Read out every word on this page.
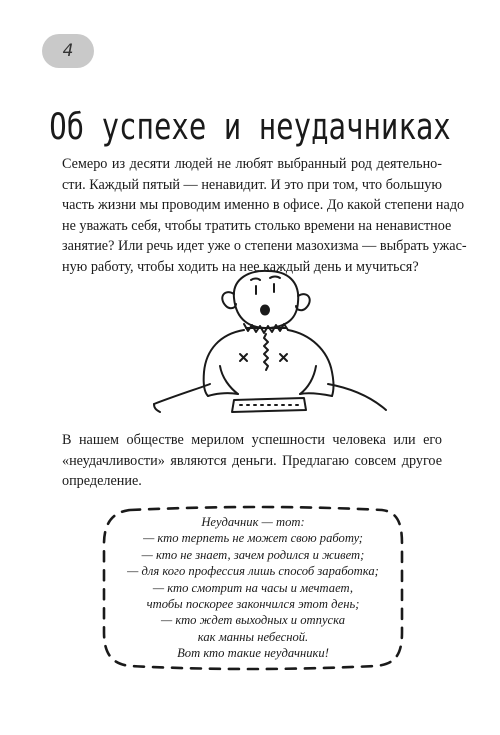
4
Об успехе и неудачниках
Семеро из десяти людей не любят выбранный род деятельно-
сти. Каждый пятый — ненавидит. И это при том, что большую
часть жизни мы проводим именно в офисе. До какой степени надо
не уважать себя, чтобы тратить столько времени на ненавистное
занятие? Или речь идет уже о степени мазохизма — выбрать ужас-
ную работу, чтобы ходить на нее каждый день и мучиться?
В нашем обществе мерилом успешности человека или его
«неудачливости» являются деньги. Предлагаю совсем другое
определение.
Неудачник — тот:
— кто терпеть не может свою работу;
— кто не знает, зачем родился и живет;
— для кого профессия лишь способ заработка;
— кто смотрит на часы и мечтает,
чтобы поскорее закончился этот день;
— кто ждет выходных и отпуска
как манны небесной.
Вот кто такие неудачники!
